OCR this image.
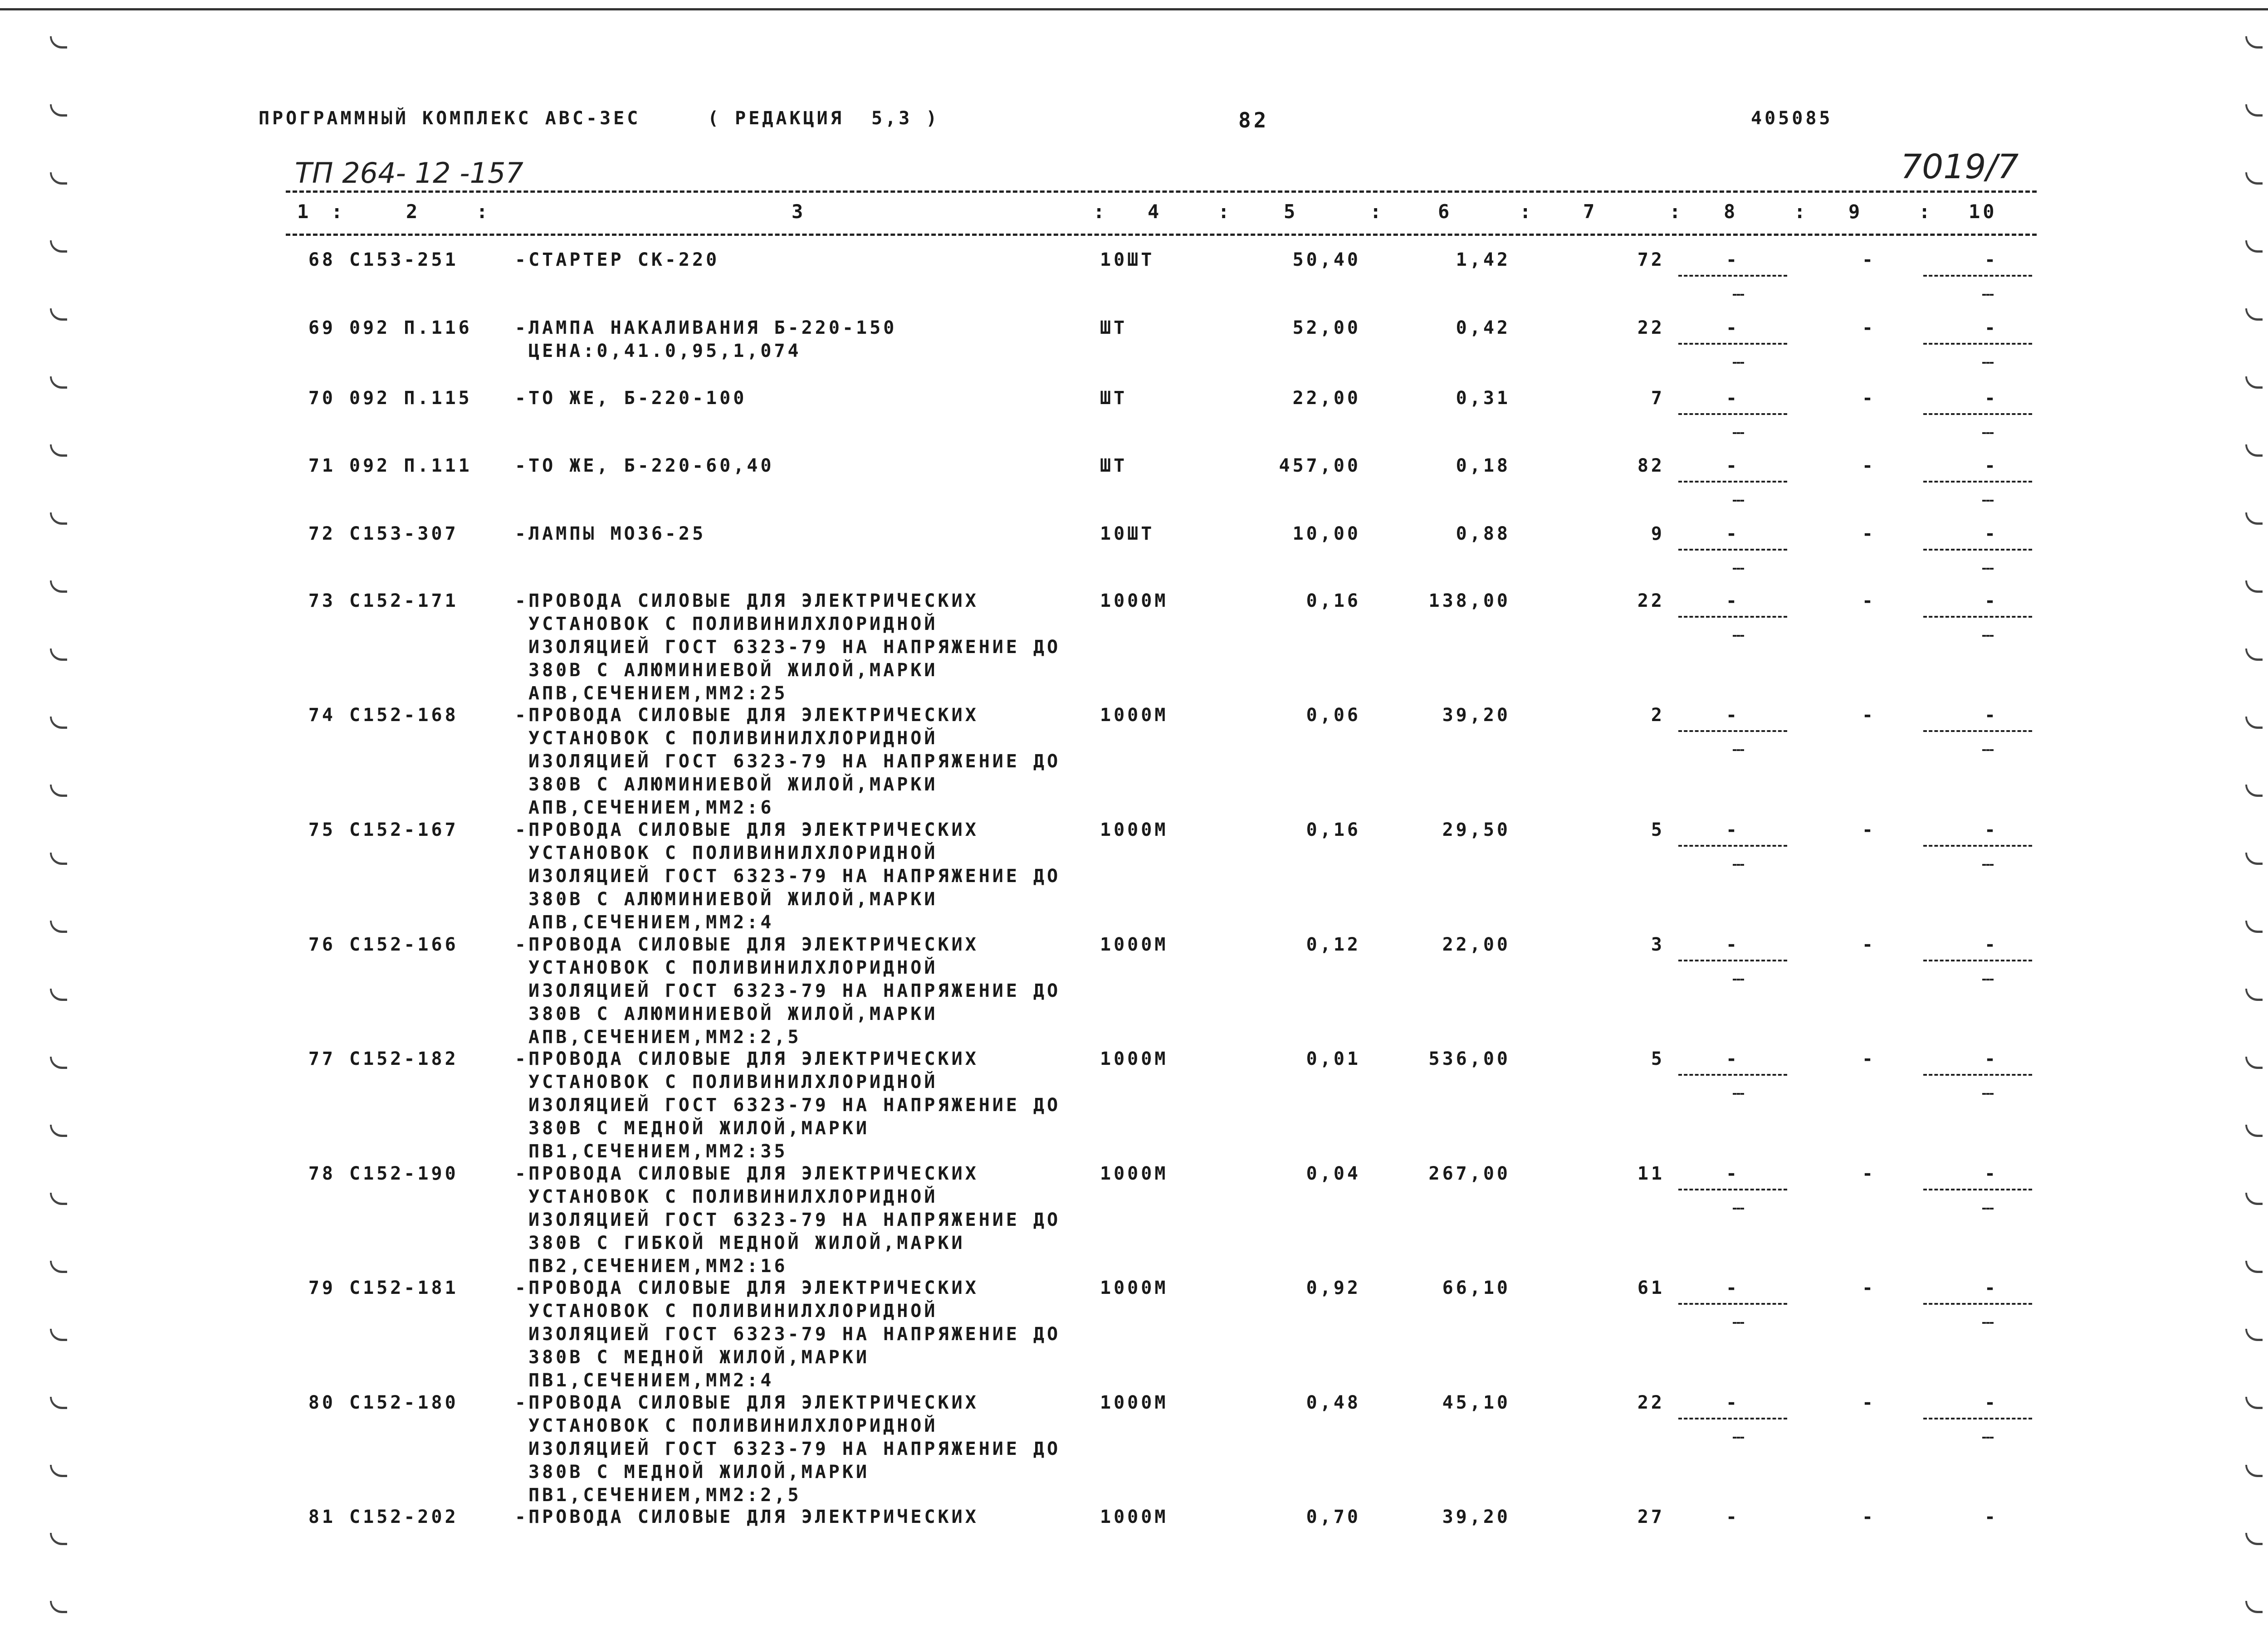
ПРОГРАММНЫЙ КОМПЛЕКС АВС-3ЕС	( РЕДАКЦИЯ  5,3 )	82	405085
ТП 264- 12 -157	7019/7
1 :	2	:	3	: 4	:	5	:	6	:	7	: 8	: 9	: 10
68 С153-251	-СТАРТЕР СК-220	10ШТ	50,40	1,42	72	-	-	-
69 092 П.116 -ЛАМПА НАКАЛИВАНИЯ Б-220-150
ЦЕНА:0,41.0,95,1,074
ШТ	52,00	0,42	22	-	-	-
70 092 П.115 -ТО ЖЕ, Б-220-100	ШТ	22,00	0,31	7	-	-	-
71 092 П.111 -ТО ЖЕ, Б-220-60,40	ШТ	457,00	0,18	82	-	-	-
72 С153-307	-ЛАМПЫ МО36-25	10ШТ	10,00	0,88	9	-	-	-
73 С152-171	-ПРОВОДА СИЛОВЫЕ ДЛЯ ЭЛЕКТРИЧЕСКИХ
УСТАНОВОК С ПОЛИВИНИЛХЛОРИДНОЙ
ИЗОЛЯЦИЕЙ ГОСТ 6323-79 НА НАПРЯЖЕНИЕ ДО
380В С АЛЮМИНИЕВОЙ ЖИЛОЙ,МАРКИ
АПВ,СЕЧЕНИЕМ,ММ2:25
1000М	0,16	138,00	22	-	-	-
74 С152-168	-ПРОВОДА СИЛОВЫЕ ДЛЯ ЭЛЕКТРИЧЕСКИХ
УСТАНОВОК С ПОЛИВИНИЛХЛОРИДНОЙ
ИЗОЛЯЦИЕЙ ГОСТ 6323-79 НА НАПРЯЖЕНИЕ ДО
380В С АЛЮМИНИЕВОЙ ЖИЛОЙ,МАРКИ
АПВ,СЕЧЕНИЕМ,ММ2:6
1000М	0,06	39,20	2	-	-	-
75 С152-167	-ПРОВОДА СИЛОВЫЕ ДЛЯ ЭЛЕКТРИЧЕСКИХ
УСТАНОВОК С ПОЛИВИНИЛХЛОРИДНОЙ
ИЗОЛЯЦИЕЙ ГОСТ 6323-79 НА НАПРЯЖЕНИЕ ДО
380В С АЛЮМИНИЕВОЙ ЖИЛОЙ,МАРКИ
АПВ,СЕЧЕНИЕМ,ММ2:4
1000М	0,16	29,50	5	-	-	-
76 С152-166	-ПРОВОДА СИЛОВЫЕ ДЛЯ ЭЛЕКТРИЧЕСКИХ
УСТАНОВОК С ПОЛИВИНИЛХЛОРИДНОЙ
ИЗОЛЯЦИЕЙ ГОСТ 6323-79 НА НАПРЯЖЕНИЕ ДО
380В С АЛЮМИНИЕВОЙ ЖИЛОЙ,МАРКИ
АПВ,СЕЧЕНИЕМ,ММ2:2,5
1000М	0,12	22,00	3	-	-	-
77 С152-182	-ПРОВОДА СИЛОВЫЕ ДЛЯ ЭЛЕКТРИЧЕСКИХ
УСТАНОВОК С ПОЛИВИНИЛХЛОРИДНОЙ
ИЗОЛЯЦИЕЙ ГОСТ 6323-79 НА НАПРЯЖЕНИЕ ДО
380В С МЕДНОЙ ЖИЛОЙ,МАРКИ
ПВ1,СЕЧЕНИЕМ,ММ2:35
1000М	0,01	536,00	5	-	-	-
78 С152-190	-ПРОВОДА СИЛОВЫЕ ДЛЯ ЭЛЕКТРИЧЕСКИХ
УСТАНОВОК С ПОЛИВИНИЛХЛОРИДНОЙ
ИЗОЛЯЦИЕЙ ГОСТ 6323-79 НА НАПРЯЖЕНИЕ ДО
380В С ГИБКОЙ МЕДНОЙ ЖИЛОЙ,МАРКИ
ПВ2,СЕЧЕНИЕМ,ММ2:16
1000М	0,04	267,00	11	-	-	-
79 С152-181	-ПРОВОДА СИЛОВЫЕ ДЛЯ ЭЛЕКТРИЧЕСКИХ
УСТАНОВОК С ПОЛИВИНИЛХЛОРИДНОЙ
ИЗОЛЯЦИЕЙ ГОСТ 6323-79 НА НАПРЯЖЕНИЕ ДО
380В С МЕДНОЙ ЖИЛОЙ,МАРКИ
ПВ1,СЕЧЕНИЕМ,ММ2:4
1000М	0,92	66,10	61	-	-	-
80 С152-180	-ПРОВОДА СИЛОВЫЕ ДЛЯ ЭЛЕКТРИЧЕСКИХ
УСТАНОВОК С ПОЛИВИНИЛХЛОРИДНОЙ
ИЗОЛЯЦИЕЙ ГОСТ 6323-79 НА НАПРЯЖЕНИЕ ДО
380В С МЕДНОЙ ЖИЛОЙ,МАРКИ
ПВ1,СЕЧЕНИЕМ,ММ2:2,5
1000М	0,48	45,10	22	-	-	-
81 С152-202	-ПРОВОДА СИЛОВЫЕ ДЛЯ ЭЛЕКТРИЧЕСКИХ	1000М	0,70	39,20	27	-	-	-
